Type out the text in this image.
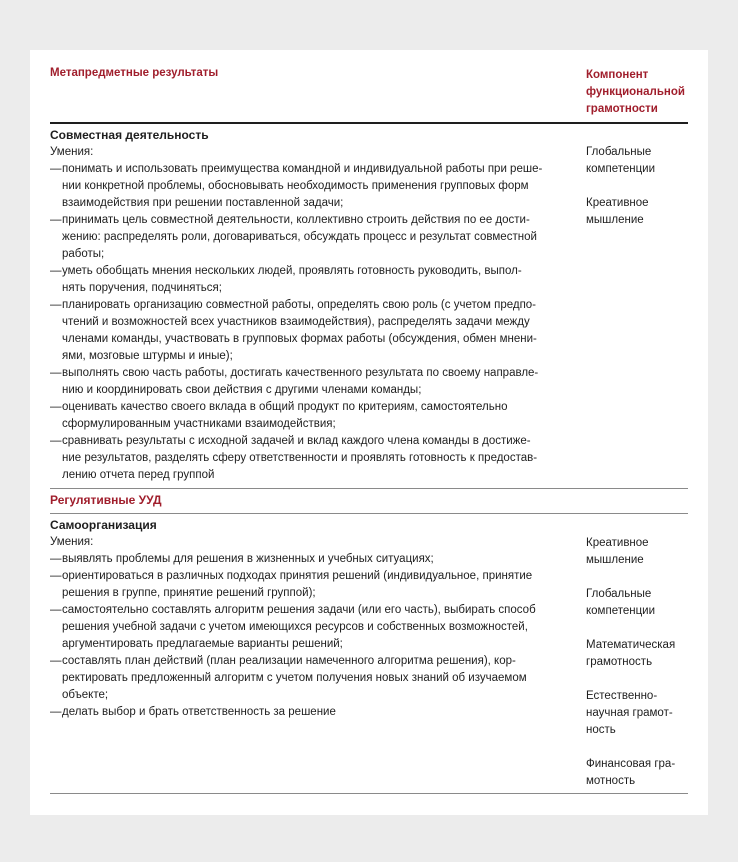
Метапредметные результаты	Компонент
функциональной
грамотности
Совместная деятельность
Умения:
— понимать и использовать преимущества командной и индивидуальной работы при реше-
нии конкретной проблемы, обосновывать необходимость применения групповых форм
взаимодействия при решении поставленной задачи;
— принимать цель совместной деятельности, коллективно строить действия по ее дости-
жению: распределять роли, договариваться, обсуждать процесс и результат совместной
работы;
— уметь обобщать мнения нескольких людей, проявлять готовность руководить, выпол-
нять поручения, подчиняться;
— планировать организацию совместной работы, определять свою роль (с учетом предпо-
чтений и возможностей всех участников взаимодействия), распределять задачи между
членами команды, участвовать в групповых формах работы (обсуждения, обмен мнени-
ями, мозговые штурмы и иные);
— выполнять свою часть работы, достигать качественного результата по своему направле-
нию и координировать свои действия с другими членами команды;
— оценивать качество своего вклада в общий продукт по критериям, самостоятельно
сформулированным участниками взаимодействия;
— сравнивать результаты с исходной задачей и вклад каждого члена команды в достиже-
ние результатов, разделять сферу ответственности и проявлять готовность к предостав-
лению отчета перед группой
Глобальные
компетенции
Креативное
мышление
Регулятивные УУД
Самоорганизация
Умения:
— выявлять проблемы для решения в жизненных и учебных ситуациях;
— ориентироваться в различных подходах принятия решений (индивидуальное, принятие
решения в группе, принятие решений группой);
— самостоятельно составлять алгоритм решения задачи (или его часть), выбирать способ
решения учебной задачи с учетом имеющихся ресурсов и собственных возможностей,
аргументировать предлагаемые варианты решений;
— составлять план действий (план реализации намеченного алгоритма решения), кор-
ректировать предложенный алгоритм с учетом получения новых знаний об изучаемом
объекте;
— делать выбор и брать ответственность за решение
Креативное
мышление
Глобальные
компетенции
Математическая
грамотность
Естественно-
научная грамот-
ность
Финансовая гра-
мотность
